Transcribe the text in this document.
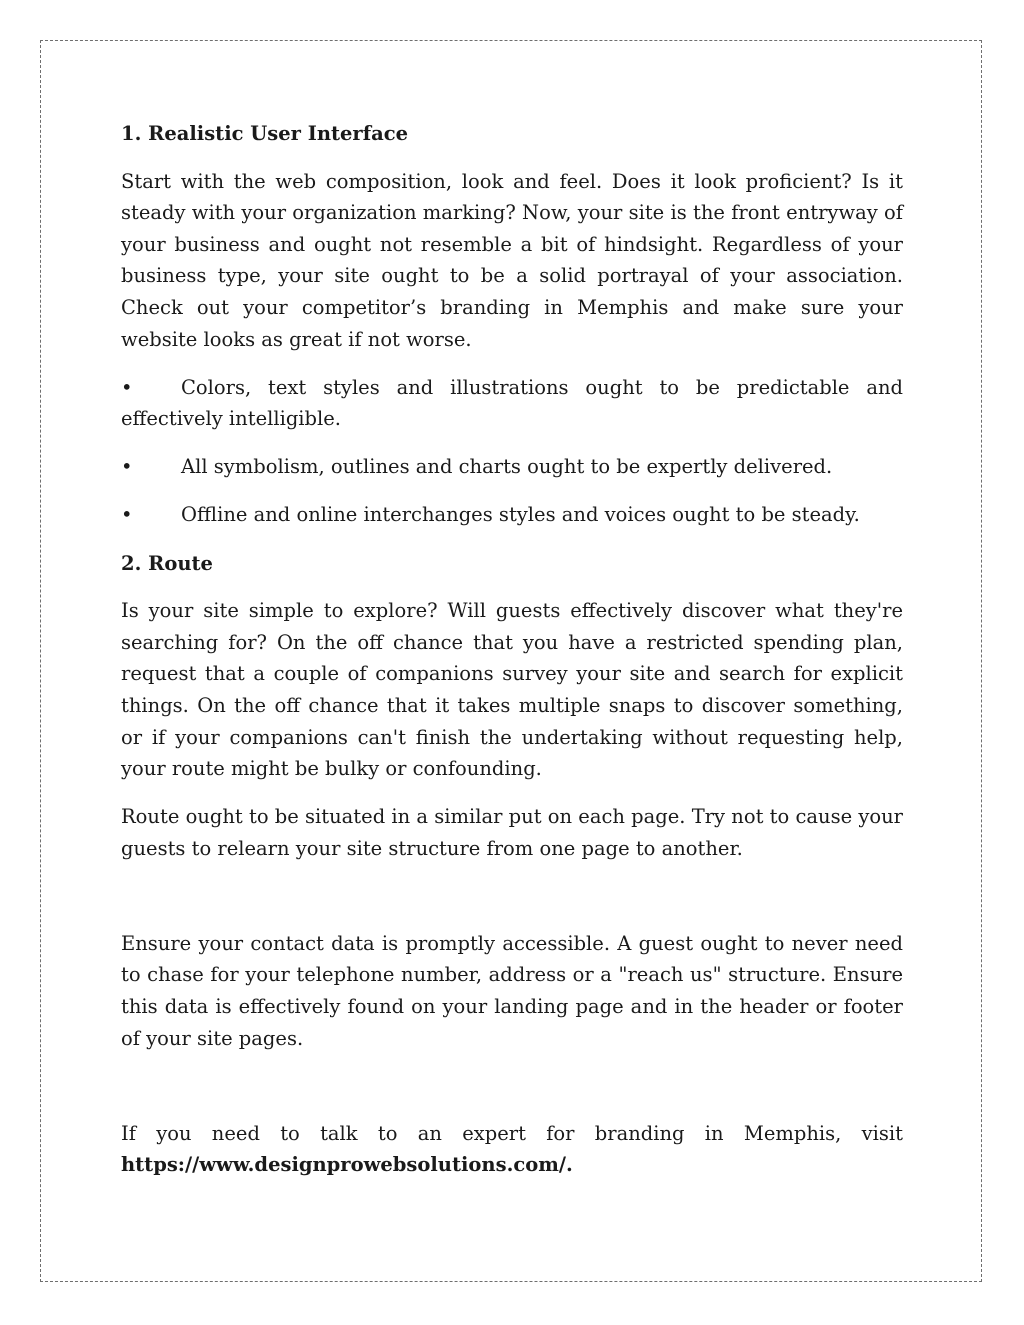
1. Realistic User Interface

Start with the web composition, look and feel. Does it look proficient? Is it steady with your organization marking? Now, your site is the front entryway of your business and ought not resemble a bit of hindsight. Regardless of your business type, your site ought to be a solid portrayal of your association. Check out your competitor’s branding in Memphis and make sure your website looks as great if not worse.

• Colors, text styles and illustrations ought to be predictable and effectively intelligible.

• All symbolism, outlines and charts ought to be expertly delivered.

• Offline and online interchanges styles and voices ought to be steady.

2. Route

Is your site simple to explore? Will guests effectively discover what they're searching for? On the off chance that you have a restricted spending plan, request that a couple of companions survey your site and search for explicit things. On the off chance that it takes multiple snaps to discover something, or if your companions can't finish the undertaking without requesting help, your route might be bulky or confounding.

Route ought to be situated in a similar put on each page. Try not to cause your guests to relearn your site structure from one page to another.

Ensure your contact data is promptly accessible. A guest ought to never need to chase for your telephone number, address or a "reach us" structure. Ensure this data is effectively found on your landing page and in the header or footer of your site pages.

If you need to talk to an expert for branding in Memphis, visit https://www.designprowebsolutions.com/.
